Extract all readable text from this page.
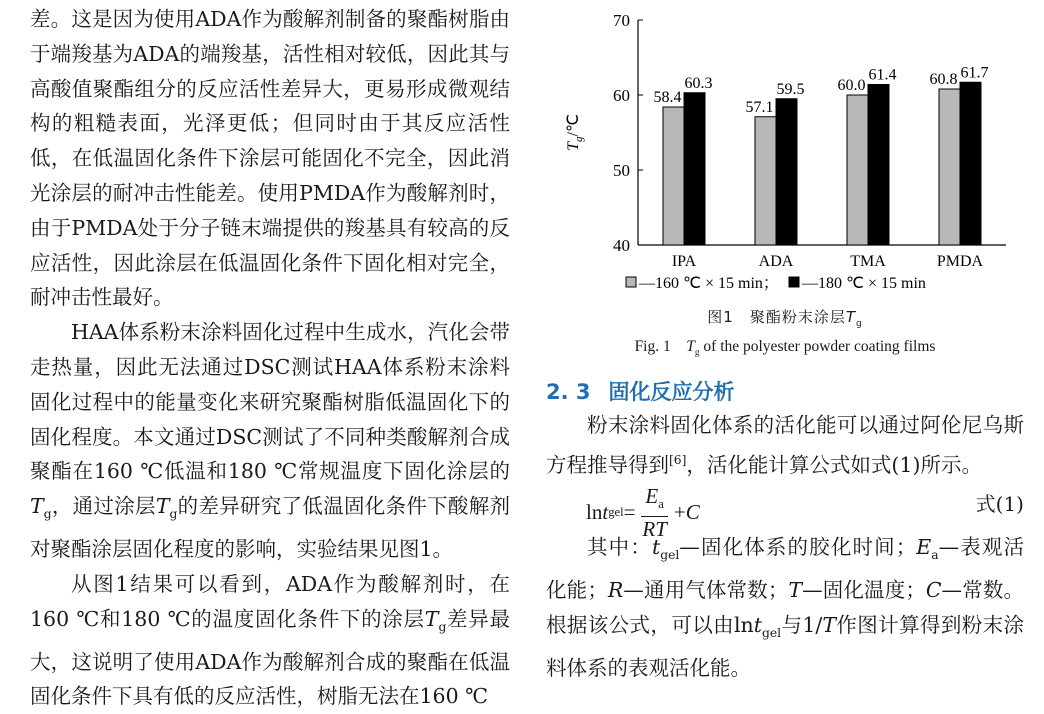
差。这是因为使用ADA作为酸解剂制备的聚酯树脂由于端羧基为ADA的端羧基，活性相对较低，因此其与高酸值聚酯组分的反应活性差异大，更易形成微观结构的粗糙表面，光泽更低；但同时由于其反应活性低，在低温固化条件下涂层可能固化不完全，因此消光涂层的耐冲击性能差。使用PMDA作为酸解剂时，由于PMDA处于分子链末端提供的羧基具有较高的反应活性，因此涂层在低温固化条件下固化相对完全，耐冲击性最好。

HAA体系粉末涂料固化过程中生成水，汽化会带走热量，因此无法通过DSC测试HAA体系粉末涂料固化过程中的能量变化来研究聚酯树脂低温固化下的固化程度。本文通过DSC测试了不同种类酸解剂合成聚酯在160 ℃低温和180 ℃常规温度下固化涂层的$T_g$，通过涂层$T_g$的差异研究了低温固化条件下酸解剂对聚酯涂层固化程度的影响，实验结果见图1。

从图1结果可以看到，ADA作为酸解剂时，在160 ℃和180 ℃的温度固化条件下的涂层$T_g$差异最大，这说明了使用ADA作为酸解剂合成的聚酯在低温固化条件下具有低的反应活性，树脂无法在160 ℃

40
50
60
70
$T_g/℃$
58.4
60.3
IPA
57.1
59.5
ADA
60.0
61.4
TMA
60.8 61.7
PMDA
—160 ℃ × 15 min； —180 ℃ × 15 min
图1　聚酯粉末涂层$T_g$
Fig. 1　$T_g$ of the polyester powder coating films
2. 3 固化反应分析

粉末涂料固化体系的活化能可以通过阿伦尼乌斯方程推导得到[6]，活化能计算公式如式(1)所示。

ln t gel = $\frac{E_a}{RT} + C$	式(1)

其中：$t_{gel}—$固化体系的胶化时间；$E_a—$表观活化能；R—通用气体常数；T—固化温度；C—常数。根据该公式，可以由lnt$_{gel}$与1/T作图计算得到粉末涂料体系的表观活化能。
